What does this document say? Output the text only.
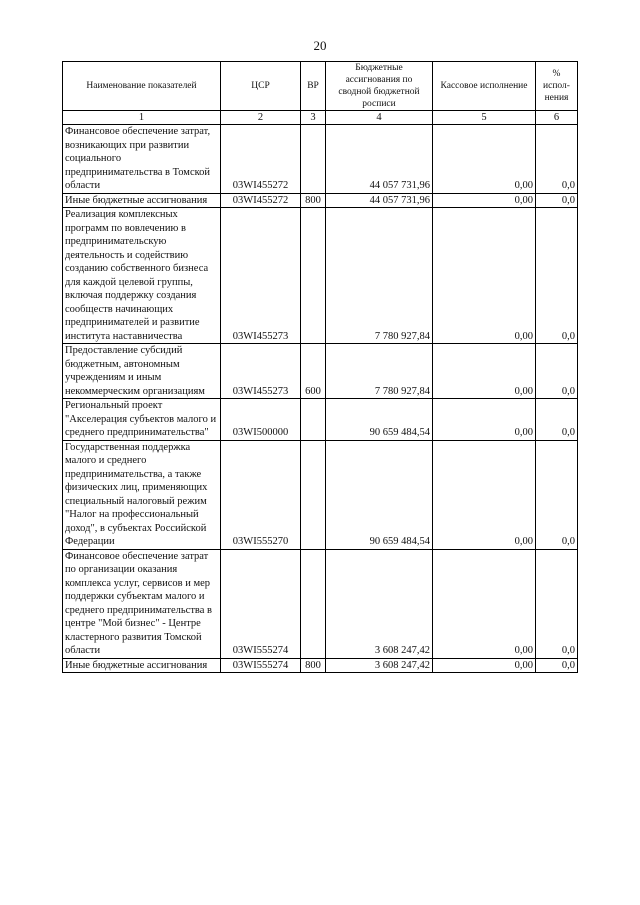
20
Наименование показателей	ЦСР	ВР	Бюджетные ассигнования по сводной бюджетной росписи	Кассовое исполнение	% испол-нения
1	2	3	4	5	6
Финансовое обеспечение затрат, возникающих при развитии социального предпринимательства в Томской области	03WI455272		44 057 731,96	0,00	0,0
Иные бюджетные ассигнования	03WI455272	800	44 057 731,96	0,00	0,0
Реализация комплексных программ по вовлечению в предпринимательскую деятельность и содействию созданию собственного бизнеса для каждой целевой группы, включая поддержку создания сообществ начинающих предпринимателей и развитие института наставничества	03WI455273		7 780 927,84	0,00	0,0
Предоставление субсидий бюджетным, автономным учреждениям и иным некоммерческим организациям	03WI455273	600	7 780 927,84	0,00	0,0
Региональный проект "Акселерация субъектов малого и среднего предпринимательства"	03WI500000		90 659 484,54	0,00	0,0
Государственная поддержка малого и среднего предпринимательства, а также физических лиц, применяющих специальный налоговый режим "Налог на профессиональный доход", в субъектах Российской Федерации	03WI555270		90 659 484,54	0,00	0,0
Финансовое обеспечение затрат по организации оказания комплекса услуг, сервисов и мер поддержки субъектам малого и среднего предпринимательства в центре "Мой бизнес" - Центре кластерного развития Томской области	03WI555274		3 608 247,42	0,00	0,0
Иные бюджетные ассигнования	03WI555274	800	3 608 247,42	0,00	0,0
